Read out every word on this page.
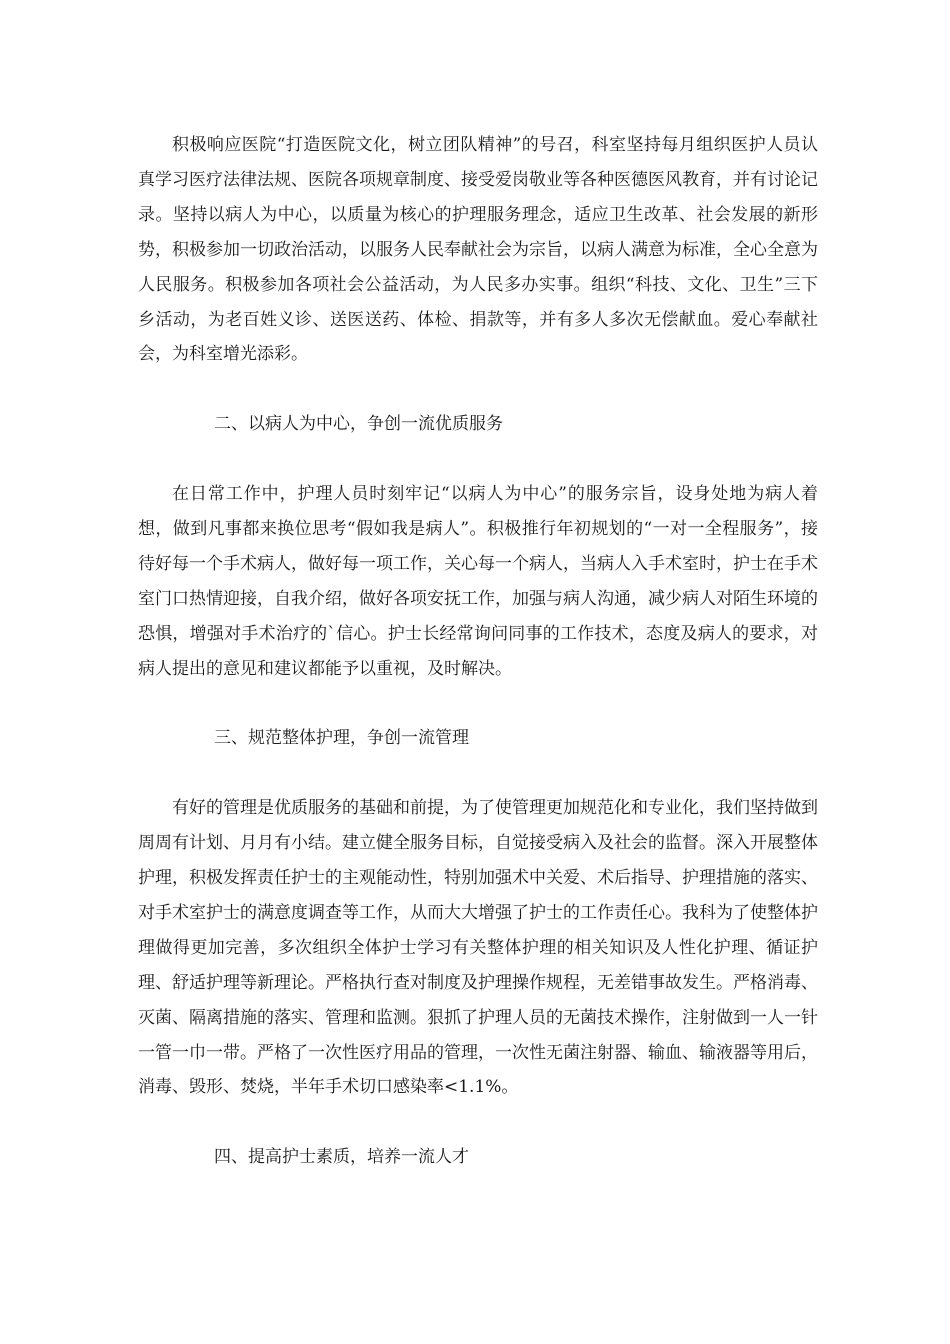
积极响应医院“打造医院文化，树立团队精神”的号召，科室坚持每月组织医护人员认真学习医疗法律法规、医院各项规章制度、接受爱岗敬业等各种医德医风教育，并有讨论记录。坚持以病人为中心，以质量为核心的护理服务理念，适应卫生改革、社会发展的新形势，积极参加一切政治活动，以服务人民奉献社会为宗旨，以病人满意为标准，全心全意为人民服务。积极参加各项社会公益活动，为人民多办实事。组织“科技、文化、卫生”三下乡活动，为老百姓义诊、送医送药、体检、捐款等，并有多人多次无偿献血。爱心奉献社会，为科室增光添彩。

二、以病人为中心，争创一流优质服务

在日常工作中，护理人员时刻牢记“以病人为中心”的服务宗旨，设身处地为病人着想，做到凡事都来换位思考“假如我是病人”。积极推行年初规划的“一对一全程服务”，接待好每一个手术病人，做好每一项工作，关心每一个病人，当病人入手术室时，护士在手术室门口热情迎接，自我介绍，做好各项安抚工作，加强与病人沟通，减少病人对陌生环境的恐惧，增强对手术治疗的`信心。护士长经常询问同事的工作技术，态度及病人的要求，对病人提出的意见和建议都能予以重视，及时解决。

三、规范整体护理，争创一流管理

有好的管理是优质服务的基础和前提，为了使管理更加规范化和专业化，我们坚持做到周周有计划、月月有小结。建立健全服务目标，自觉接受病入及社会的监督。深入开展整体护理，积极发挥责任护士的主观能动性，特别加强术中关爱、术后指导、护理措施的落实、对手术室护士的满意度调查等工作，从而大大增强了护士的工作责任心。我科为了使整体护理做得更加完善，多次组织全体护士学习有关整体护理的相关知识及人性化护理、循证护理、舒适护理等新理论。严格执行查对制度及护理操作规程，无差错事故发生。严格消毒、灭菌、隔离措施的落实、管理和监测。狠抓了护理人员的无菌技术操作，注射做到一人一针一管一巾一带。严格了一次性医疗用品的管理，一次性无菌注射器、输血、输液器等用后，消毒、毁形、焚烧，半年手术切口感染率<1.1%。

四、提高护士素质，培养一流人才
